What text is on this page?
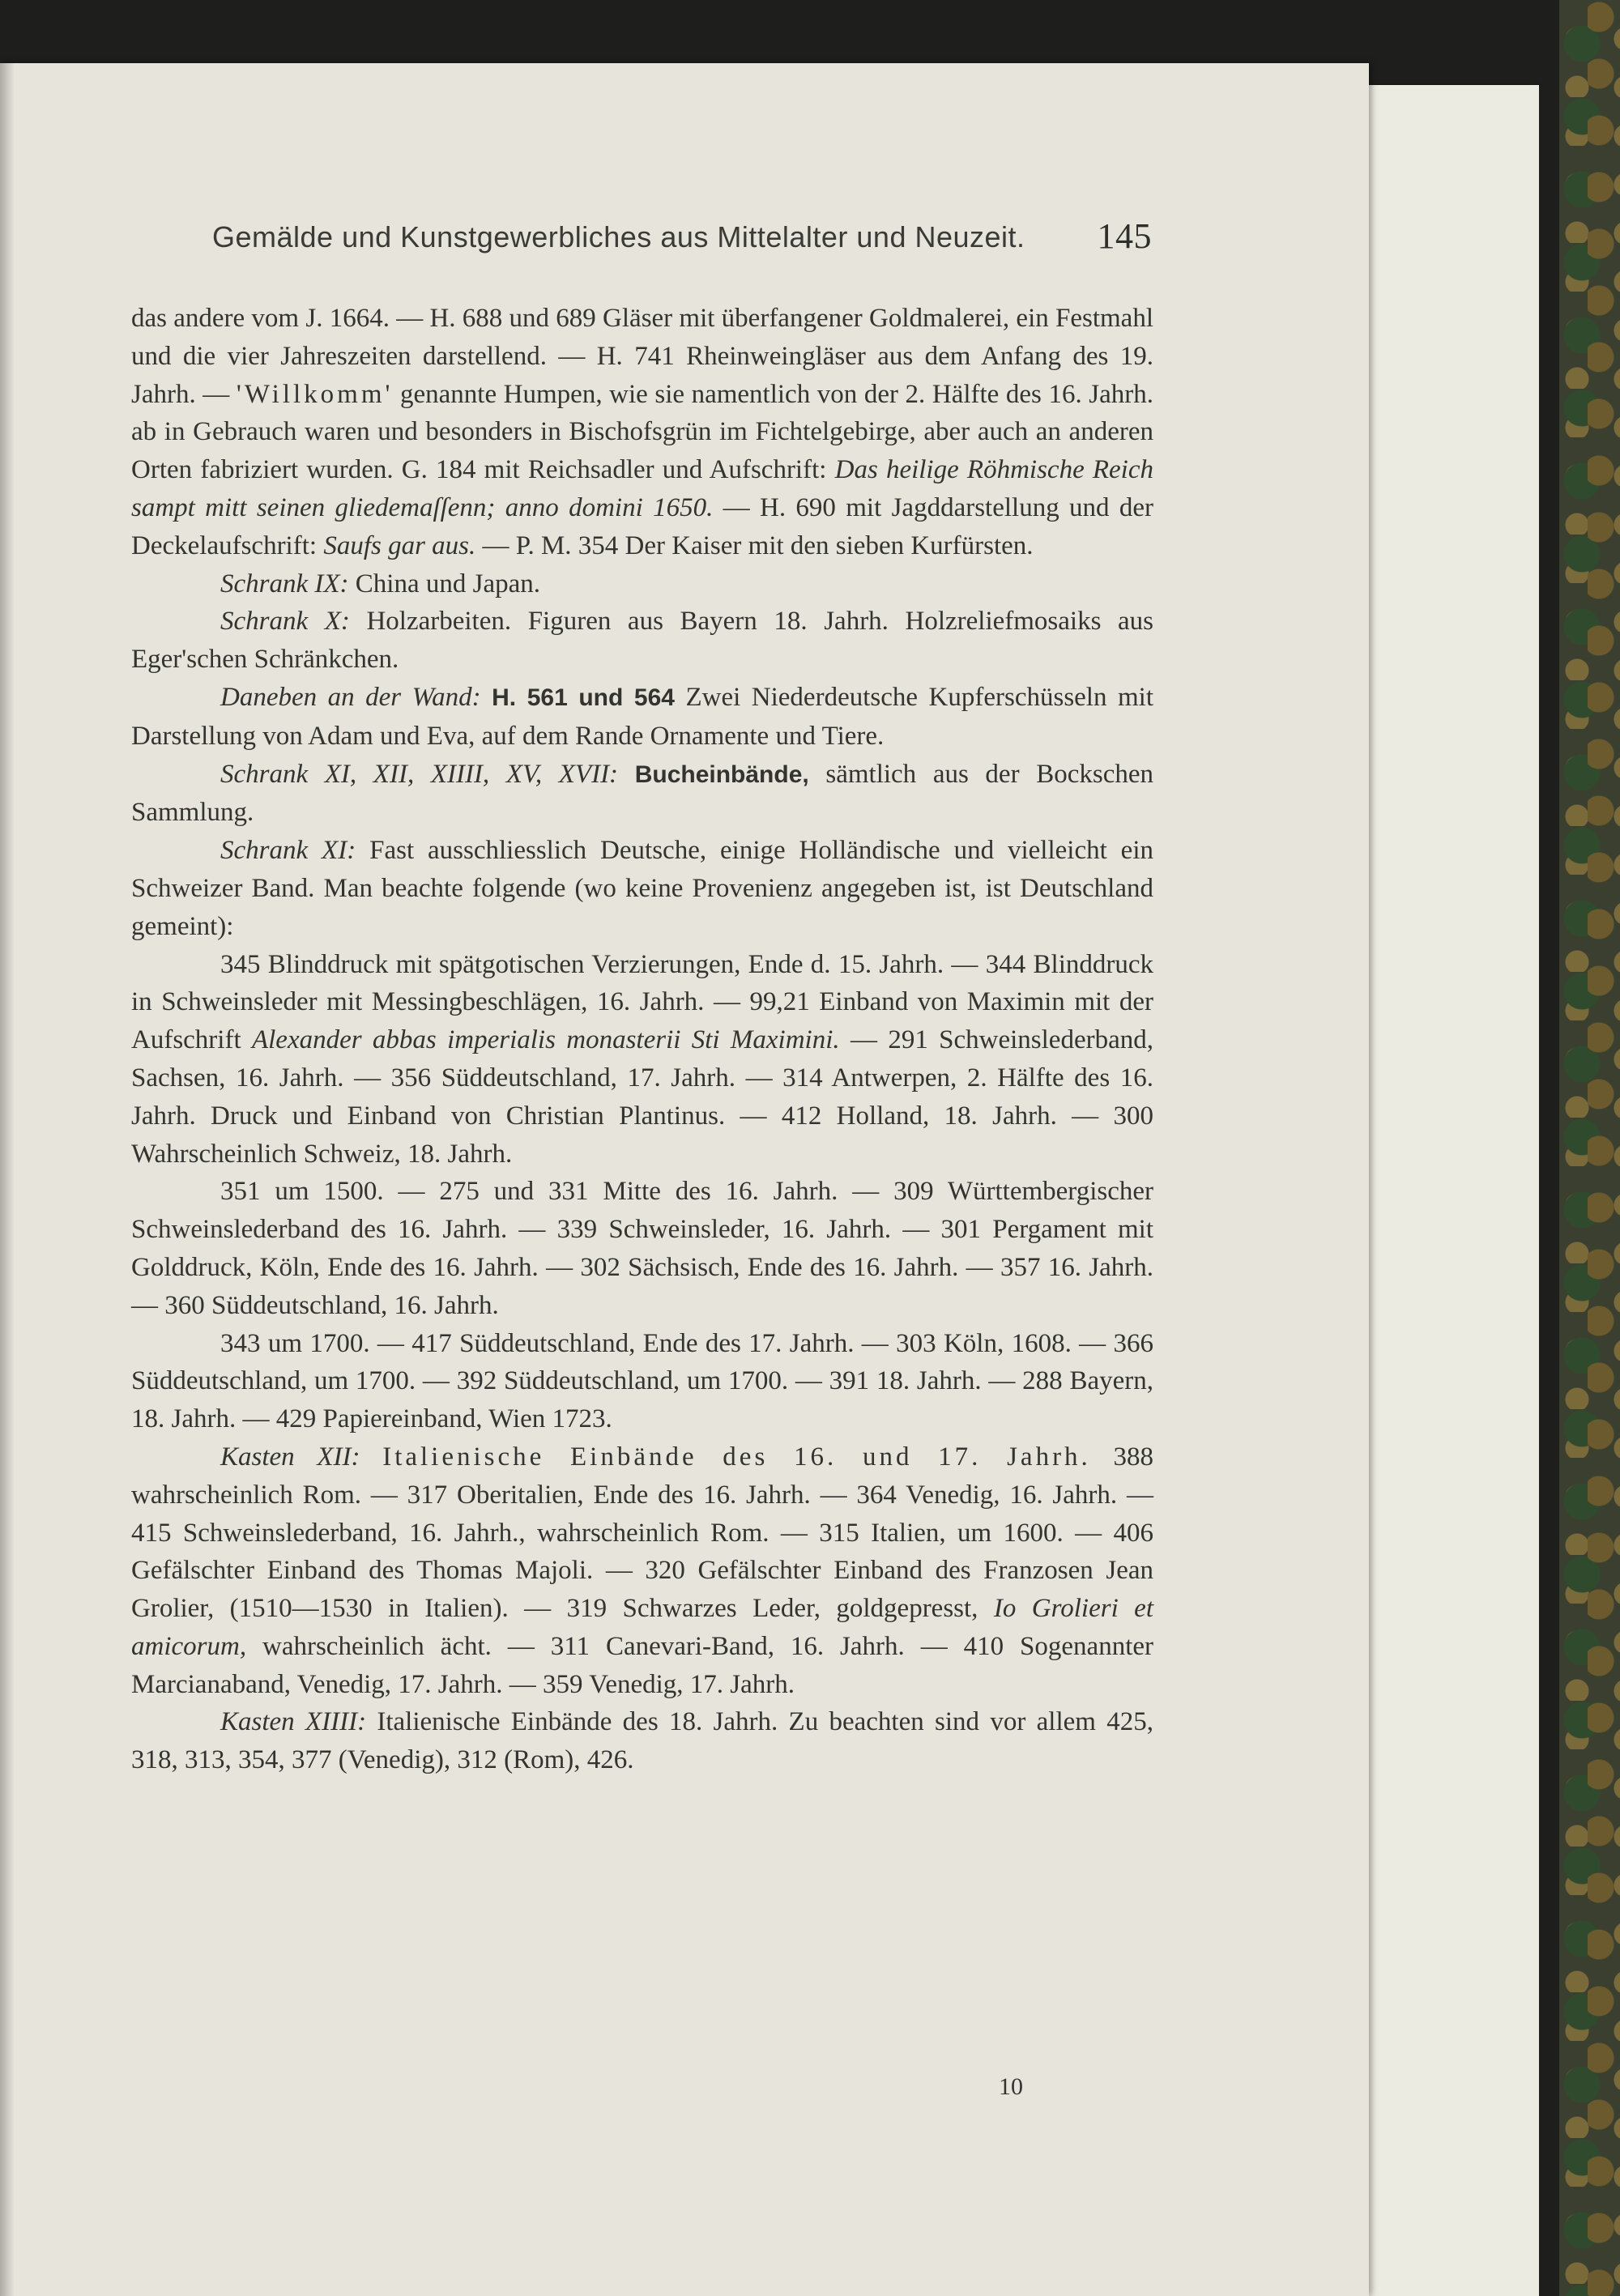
Gemälde und Kunstgewerbliches aus Mittelalter und Neuzeit. 145

das andere vom J. 1664. — H. 688 und 689 Gläser mit überfangener Goldmalerei, ein Festmahl und die vier Jahreszeiten darstellend. — H. 741 Rheinweingläser aus dem Anfang des 19. Jahrh. — 'Willkomm' genannte Humpen, wie sie namentlich von der 2. Hälfte des 16. Jahrh. ab in Gebrauch waren und besonders in Bischofsgrün im Fichtelgebirge, aber auch an anderen Orten fabriziert wurden. G. 184 mit Reichsadler und Aufschrift: Das heilige Röhmische Reich sampt mitt seinen gliedemaſſenn; anno domini 1650. — H. 690 mit Jagddarstellung und der Deckelaufschrift: Saufs gar aus. — P. M. 354 Der Kaiser mit den sieben Kurfürsten.

Schrank IX: China und Japan.

Schrank X: Holzarbeiten. Figuren aus Bayern 18. Jahrh. Holzreliefmosaiks aus Eger'schen Schränkchen.

Daneben an der Wand: H. 561 und 564 Zwei Niederdeutsche Kupferschüsseln mit Darstellung von Adam und Eva, auf dem Rande Ornamente und Tiere.

Schrank XI, XII, XIIII, XV, XVII: Bucheinbände, sämtlich aus der Bockschen Sammlung.

Schrank XI: Fast ausschliesslich Deutsche, einige Holländische und vielleicht ein Schweizer Band. Man beachte folgende (wo keine Provenienz angegeben ist, ist Deutschland gemeint):

345 Blinddruck mit spätgotischen Verzierungen, Ende d. 15. Jahrh. — 344 Blinddruck in Schweinsleder mit Messingbeschlägen, 16. Jahrh. — 99,21 Einband von Maximin mit der Aufschrift Alexander abbas imperialis monasterii Sti Maximini. — 291 Schweinslederband, Sachsen, 16. Jahrh. — 356 Süddeutschland, 17. Jahrh. — 314 Antwerpen, 2. Hälfte des 16. Jahrh. Druck und Einband von Christian Plantinus. — 412 Holland, 18. Jahrh. — 300 Wahrscheinlich Schweiz, 18. Jahrh.

351 um 1500. — 275 und 331 Mitte des 16. Jahrh. — 309 Württembergischer Schweinslederband des 16. Jahrh. — 339 Schweinsleder, 16. Jahrh. — 301 Pergament mit Golddruck, Köln, Ende des 16. Jahrh. — 302 Sächsisch, Ende des 16. Jahrh. — 357 16. Jahrh. — 360 Süddeutschland, 16. Jahrh.

343 um 1700. — 417 Süddeutschland, Ende des 17. Jahrh. — 303 Köln, 1608. — 366 Süddeutschland, um 1700. — 392 Süddeutschland, um 1700. — 391 18. Jahrh. — 288 Bayern, 18. Jahrh. — 429 Papiereinband, Wien 1723.

Kasten XII: Italienische Einbände des 16. und 17. Jahrh. 388 wahrscheinlich Rom. — 317 Oberitalien, Ende des 16. Jahrh. — 364 Venedig, 16. Jahrh. — 415 Schweinslederband, 16. Jahrh., wahrscheinlich Rom. — 315 Italien, um 1600. — 406 Gefälschter Einband des Thomas Majoli. — 320 Gefälschter Einband des Franzosen Jean Grolier, (1510—1530 in Italien). — 319 Schwarzes Leder, goldgepresst, Io Grolieri et amicorum, wahrscheinlich ächt. — 311 Canevari-Band, 16. Jahrh. — 410 Sogenannter Marcianaband, Venedig, 17. Jahrh. — 359 Venedig, 17. Jahrh.

Kasten XIIII: Italienische Einbände des 18. Jahrh. Zu beachten sind vor allem 425, 318, 313, 354, 377 (Venedig), 312 (Rom), 426.

10
